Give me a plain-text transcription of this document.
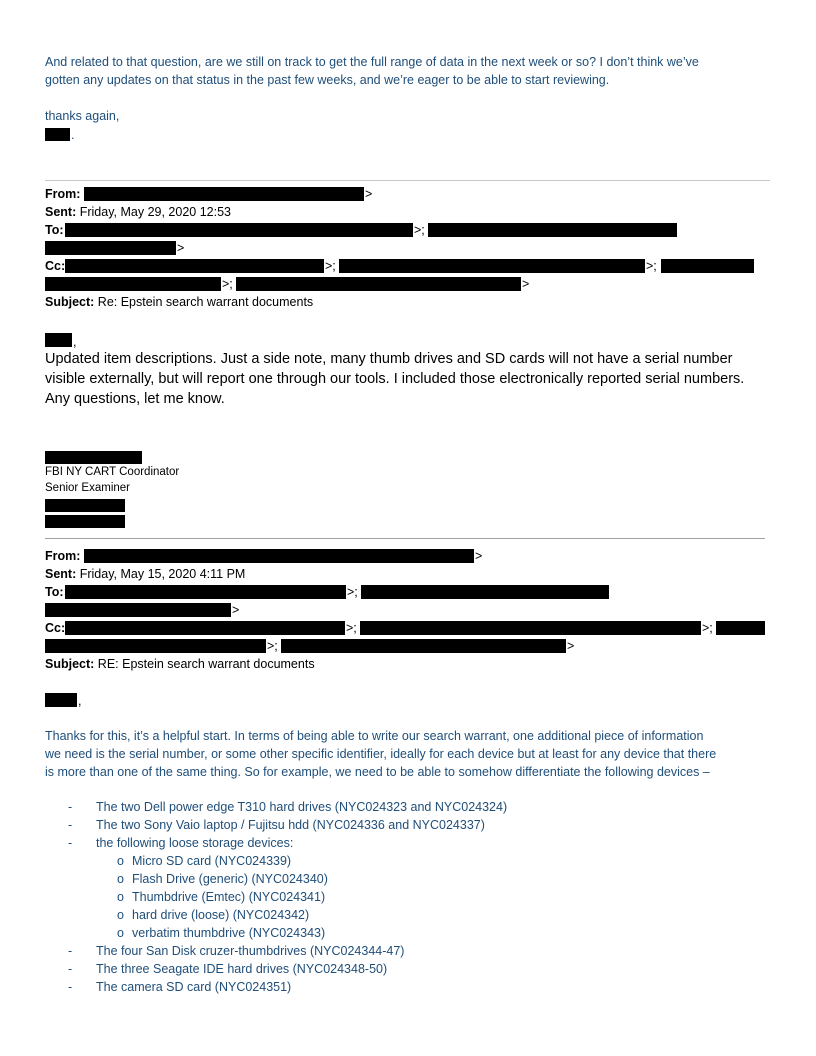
And related to that question, are we still on track to get the full range of data in the next week or so? I don’t think we’ve
gotten any updates on that status in the past few weeks, and we’re eager to be able to start reviewing.
thanks again,
.
From:	>
Sent: Friday, May 29, 2020 12:53
To:	>;
>
Cc:	>;	>;
>;	>
Subject: Re: Epstein search warrant documents
,
Updated item descriptions. Just a side note, many thumb drives and SD cards will not have a serial number
visible externally, but will report one through our tools. I included those electronically reported serial numbers.
Any questions, let me know.
FBI NY CART Coordinator
Senior Examiner
From:	>
Sent: Friday, May 15, 2020 4:11 PM
To:	>;
>
Cc:	>;	>;
>;	>
Subject: RE: Epstein search warrant documents
,
Thanks for this, it’s a helpful start. In terms of being able to write our search warrant, one additional piece of information
we need is the serial number, or some other specific identifier, ideally for each device but at least for any device that there
is more than one of the same thing. So for example, we need to be able to somehow differentiate the following devices –
- The two Dell power edge T310 hard drives (NYC024323 and NYC024324)
- The two Sony Vaio laptop / Fujitsu hdd (NYC024336 and NYC024337)
- the following loose storage devices:
o Micro SD card (NYC024339)
o Flash Drive (generic) (NYC024340)
o Thumbdrive (Emtec) (NYC024341)
o hard drive (loose) (NYC024342)
o verbatim thumbdrive (NYC024343)
- The four San Disk cruzer-thumbdrives (NYC024344-47)
- The three Seagate IDE hard drives (NYC024348-50)
- The camera SD card (NYC024351)
